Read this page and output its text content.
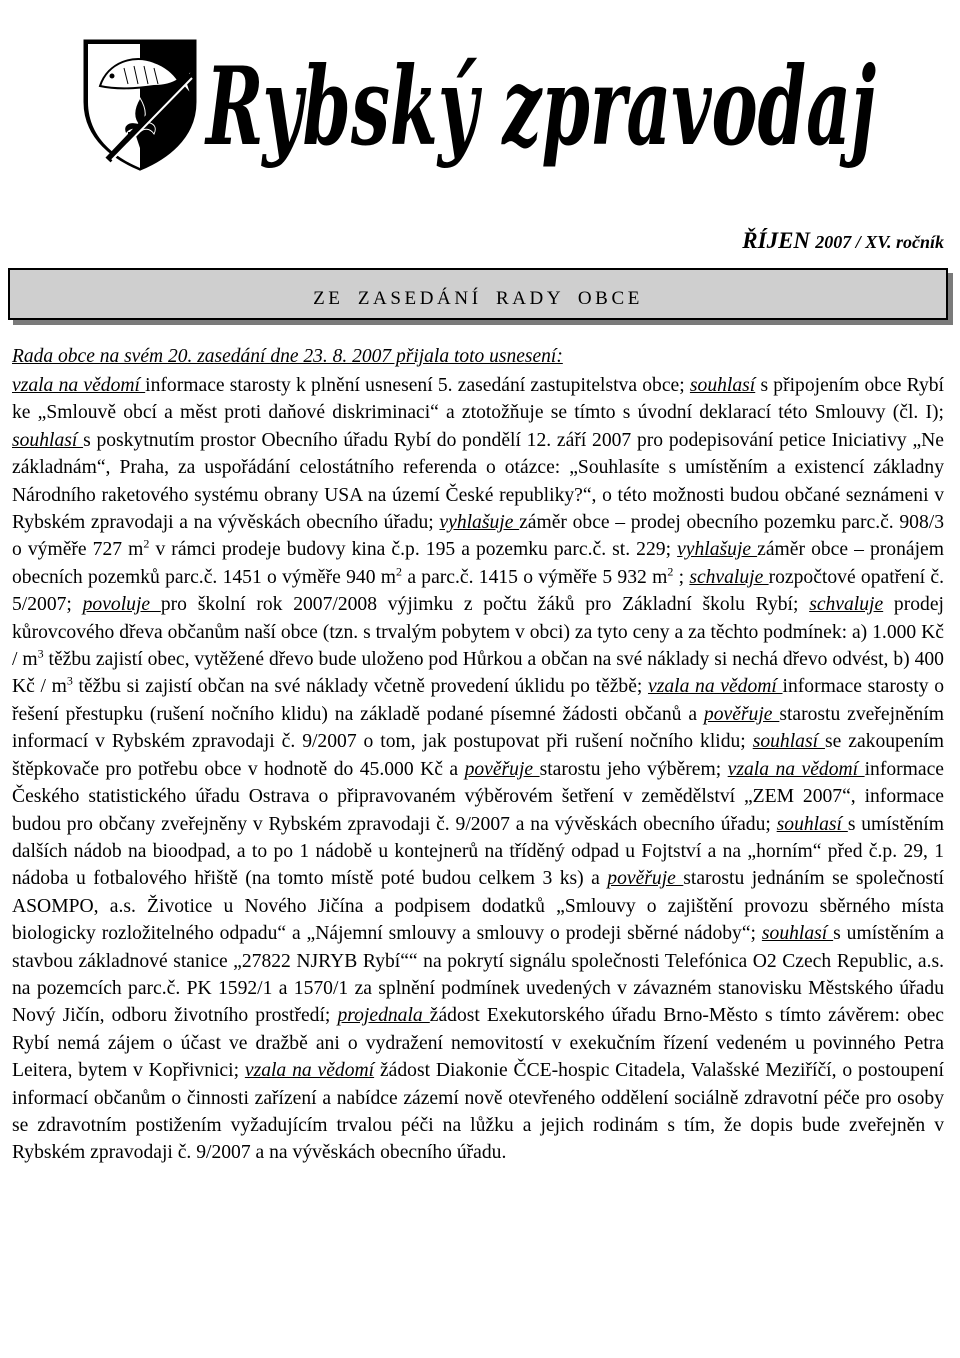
Rybský zpravodaj
ŘÍJEN 2007 / XV. ročník
ZE ZASEDÁNÍ RADY OBCE
Rada obce na svém 20. zasedání dne 23. 8. 2007 přijala toto usnesení:
vzala na vědomí informace starosty k plnění usnesení 5. zasedání zastupitelstva obce; souhlasí s připojením obce Rybí ke „Smlouvě obcí a měst proti daňové diskriminaci“ a ztotožňuje se tímto s úvodní deklarací této Smlouvy (čl. I); souhlasí s poskytnutím prostor Obecního úřadu Rybí do pondělí 12. září 2007 pro podepisování petice Iniciativy „Ne základnám“, Praha, za uspořádání celostátního referenda o otázce: „Souhlasíte s umístěním a existencí základny Národního raketového systému obrany USA na území České republiky?“, o této možnosti budou občané seznámeni v Rybském zpravodaji a na vývěskách obecního úřadu; vyhlašuje záměr obce – prodej obecního pozemku parc.č. 908/3 o výměře 727 $m^2$ v rámci prodeje budovy kina č.p. 195 a pozemku parc.č. st. 229; vyhlašuje záměr obce – pronájem obecních pozemků parc.č. 1451 o výměře 940 $m^2$ a parc.č. 1415 o výměře 5 932 $m^2$ ; schvaluje rozpočtové opatření č. 5/2007; povoluje pro školní rok 2007/2008 výjimku z počtu žáků pro Základní školu Rybí; schvaluje prodej kůrovcového dřeva občanům naší obce (tzn. s trvalým pobytem v obci) za tyto ceny a za těchto podmínek: a) 1.000 Kč / $m^3$ těžbu zajistí obec, vytěžené dřevo bude uloženo pod Hůrkou a občan na své náklady si nechá dřevo odvést, b) 400 Kč / $m^3$ těžbu si zajistí občan na své náklady včetně provedení úklidu po těžbě; vzala na vědomí informace starosty o řešení přestupku (rušení nočního klidu) na základě podané písemné žádosti občanů a pověřuje starostu zveřejněním informací v Rybském zpravodaji č. 9/2007 o tom, jak postupovat při rušení nočního klidu; souhlasí se zakoupením štěpkovače pro potřebu obce v hodnotě do 45.000 Kč a pověřuje starostu jeho výběrem; vzala na vědomí informace Českého statistického úřadu Ostrava o připravovaném výběrovém šetření v zemědělství „ZEM 2007“, informace budou pro občany zveřejněny v Rybském zpravodaji č. 9/2007 a na vývěskách obecního úřadu; souhlasí s umístěním dalších nádob na bioodpad, a to po 1 nádobě u kontejnerů na tříděný odpad u Fojtství a na „horním“ před č.p. 29, 1 nádoba u fotbalového hřiště (na tomto místě poté budou celkem 3 ks) a pověřuje starostu jednáním se společností ASOMPO, a.s. Životice u Nového Jičína a podpisem dodatků „Smlouvy o zajištění provozu sběrného místa biologicky rozložitelného odpadu“ a „Nájemní smlouvy a smlouvy o prodeji sběrné nádoby“; souhlasí s umístěním a stavbou základnové stanice „27822 NJRYB Rybí““ na pokrytí signálu společnosti Telefónica O2 Czech Republic, a.s. na pozemcích parc.č. PK 1592/1 a 1570/1 za splnění podmínek uvedených v závazném stanovisku Městského úřadu Nový Jičín, odboru životního prostředí; projednala žádost Exekutorského úřadu Brno-Město s tímto závěrem: obec Rybí nemá zájem o účast ve dražbě ani o vydražení nemovitostí v exekučním řízení vedeném u povinného Petra Leitera, bytem v Kopřivnici; vzala na vědomí žádost Diakonie ČCE-hospic Citadela, Valašské Meziříčí, o postoupení informací občanům o činnosti zařízení a nabídce zázemí nově otevřeného oddělení sociálně zdravotní péče pro osoby se zdravotním postižením vyžadujícím trvalou péči na lůžku a jejich rodinám s tím, že dopis bude zveřejněn v Rybském zpravodaji č. 9/2007 a na vývěskách obecního úřadu.
